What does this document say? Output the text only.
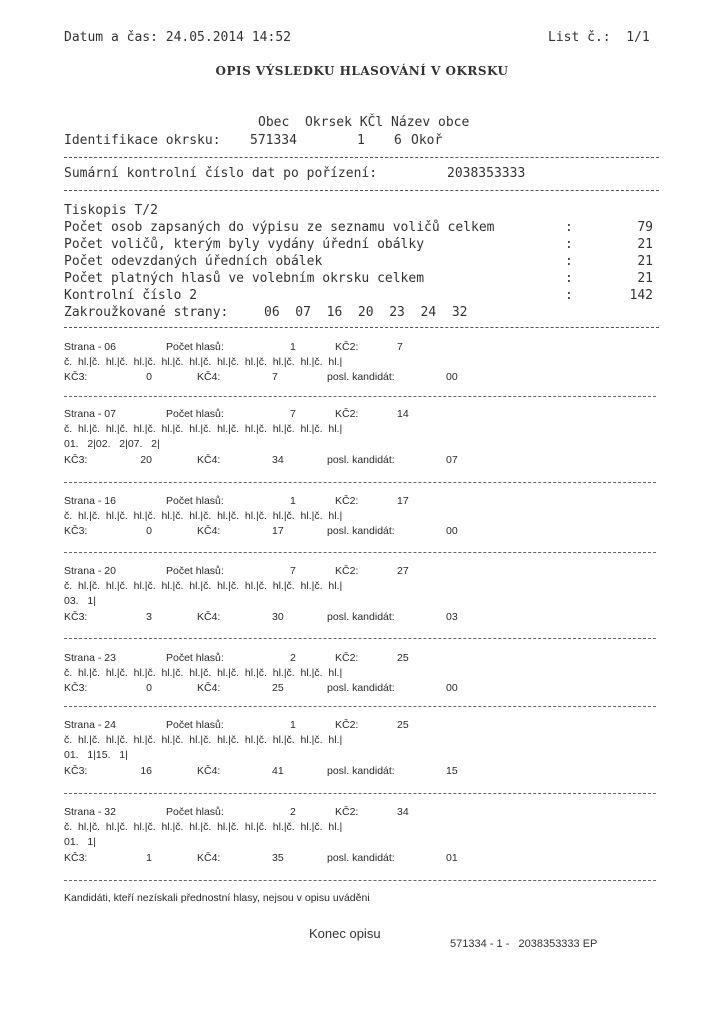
Datum a čas: 24.05.2014 14:52	List č.:  1/1
OPIS VÝSLEDKU HLASOVÁNÍ V OKRSKU
Obec  Okrsek KČl Název obce
Identifikace okrsku: 571334	1 6 Okoř
Sumární kontrolní číslo dat po pořízení:	2038353333
Tiskopis T/2
Počet osob zapsaných do výpisu ze seznamu voličů celkem	:	79
Počet voličů, kterým byly vydány úřední obálky	:	21
Počet odevzdaných úředních obálek	:	21
Počet platných hlasů ve volebním okrsku celkem	:	21
Kontrolní číslo 2	:	142
Zakroužkované strany:	06  07  16  20  23  24  32
Strana - 06	Počet hlasů:	1	KČ2:	7
č.  hl.|č.  hl.|č.  hl.|č.  hl.|č.  hl.|č.  hl.|č.  hl.|č.  hl.|č.  hl.|č.  hl.|
KČ3:	0	KČ4:	7	posl. kandidát:	00
Strana - 07	Počet hlasů:	7	KČ2:	14
č.  hl.|č.  hl.|č.  hl.|č.  hl.|č.  hl.|č.  hl.|č.  hl.|č.  hl.|č.  hl.|č.  hl.|
01.   2|02.   2|07.   2|
KČ3:	20	KČ4:	34	posl. kandidát:	07
Strana - 16	Počet hlasů:	1	KČ2:	17
č.  hl.|č.  hl.|č.  hl.|č.  hl.|č.  hl.|č.  hl.|č.  hl.|č.  hl.|č.  hl.|č.  hl.|
KČ3:	0	KČ4:	17	posl. kandidát:	00
Strana - 20	Počet hlasů:	7	KČ2:	27
č.  hl.|č.  hl.|č.  hl.|č.  hl.|č.  hl.|č.  hl.|č.  hl.|č.  hl.|č.  hl.|č.  hl.|
03.   1|
KČ3:	3	KČ4:	30	posl. kandidát:	03
Strana - 23	Počet hlasů:	2	KČ2:	25
č.  hl.|č.  hl.|č.  hl.|č.  hl.|č.  hl.|č.  hl.|č.  hl.|č.  hl.|č.  hl.|č.  hl.|
KČ3:	0	KČ4:	25	posl. kandidát:	00
Strana - 24	Počet hlasů:	1	KČ2:	25
č.  hl.|č.  hl.|č.  hl.|č.  hl.|č.  hl.|č.  hl.|č.  hl.|č.  hl.|č.  hl.|č.  hl.|
01.   1|15.   1|
KČ3:	16	KČ4:	41	posl. kandidát:	15
Strana - 32	Počet hlasů:	2	KČ2:	34
č.  hl.|č.  hl.|č.  hl.|č.  hl.|č.  hl.|č.  hl.|č.  hl.|č.  hl.|č.  hl.|č.  hl.|
01.   1|
KČ3:	1	KČ4:	35	posl. kandidát:	01
Kandidáti, kteří nezískali přednostní hlasy, nejsou v opisu uváděni
Konec opisu
571334 - 1 -   2038353333 EP
